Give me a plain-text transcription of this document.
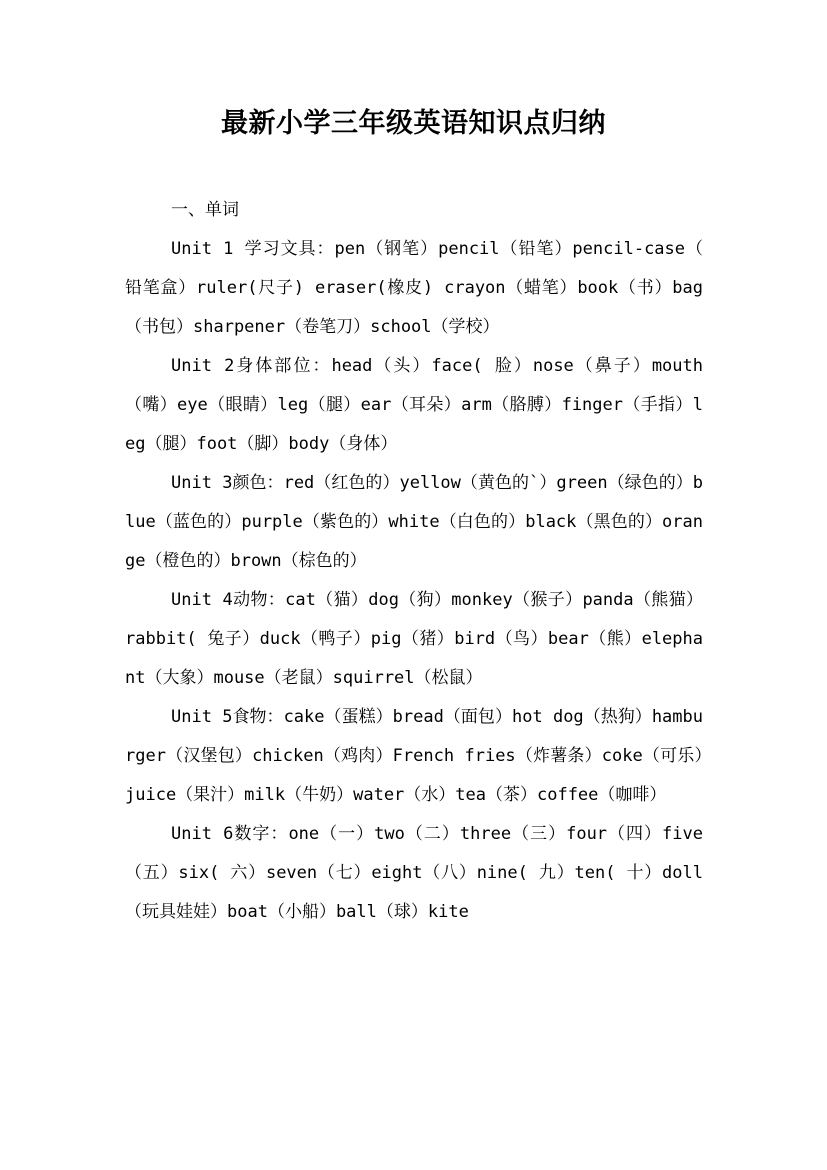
最新小学三年级英语知识点归纳
一、单词

Unit 1 学习文具：pen（钢笔）pencil（铅笔）pencil-case（ 铅笔盒）ruler(尺子) eraser(橡皮) crayon（蜡笔）book（书）bag（书包）sharpener（卷笔刀）school（学校）

Unit 2身体部位：head（头）face( 脸）nose（鼻子）mouth（嘴）eye（眼睛）leg（腿）ear（耳朵）arm（胳膊）finger（手指）leg（腿）foot（脚）body（身体）

Unit 3颜色：red（红色的）yellow（黄色的`）green（绿色的）blue（蓝色的）purple（紫色的）white（白色的）black（黑色的）orange（橙色的）brown（棕色的）

Unit 4动物：cat（猫）dog（狗）monkey（猴子）panda（熊猫）rabbit( 兔子）duck（鸭子）pig（猪）bird（鸟）bear（熊）elephant（大象）mouse（老鼠）squirrel（松鼠）

Unit 5食物：cake（蛋糕）bread（面包）hot dog（热狗）hamburger（汉堡包）chicken（鸡肉）French fries（炸薯条）coke（可乐）juice（果汁）milk（牛奶）water（水）tea（茶）coffee（咖啡）

Unit 6数字：one（一）two（二）three（三）four（四）five（五）six( 六）seven（七）eight（八）nine( 九）ten( 十）doll（玩具娃娃）boat（小船）ball（球）kite
